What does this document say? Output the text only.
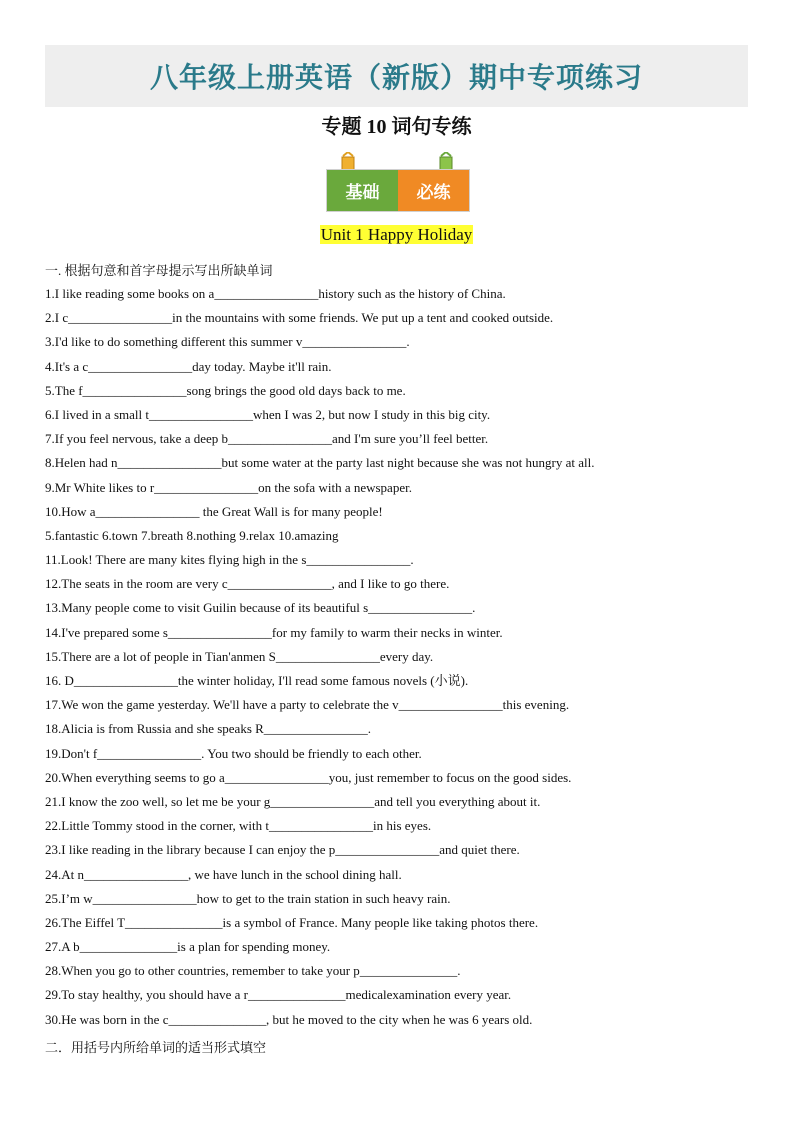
八年级上册英语（新版）期中专项练习
专题 10 词句专练
基础	必练
Unit 1 Happy Holiday
一. 根据句意和首字母提示写出所缺单词
1.I like reading some books on a________________history such as the history of China.
2.I c________________in the mountains with some friends. We put up a tent and cooked outside.
3.I'd like to do something different this summer v________________.
4.It's a c________________day today. Maybe it'll rain.
5.The f________________song brings the good old days back to me.
6.I lived in a small t________________when I was 2, but now I study in this big city.
7.If you feel nervous, take a deep b________________and I'm sure you’ll feel better.
8.Helen had n________________but some water at the party last night because she was not hungry at all.
9.Mr White likes to r________________on the sofa with a newspaper.
10.How a________________ the Great Wall is for many people!
5.fantastic 6.town 7.breath 8.nothing 9.relax 10.amazing
11.Look! There are many kites flying high in the s________________.
12.The seats in the room are very c________________, and I like to go there.
13.Many people come to visit Guilin because of its beautiful s________________.
14.I've prepared some s________________for my family to warm their necks in winter.
15.There are a lot of people in Tian'anmen S________________every day.
16. D________________the winter holiday, I'll read some famous novels (小说).
17.We won the game yesterday. We'll have a party to celebrate the v________________this evening.
18.Alicia is from Russia and she speaks R________________.
19.Don't f________________. You two should be friendly to each other.
20.When everything seems to go a________________you, just remember to focus on the good sides.
21.I know the zoo well, so let me be your g________________and tell you everything about it.
22.Little Tommy stood in the corner, with t________________in his eyes.
23.I like reading in the library because I can enjoy the p________________and quiet there.
24.At n________________, we have lunch in the school dining hall.
25.I’m w________________how to get to the train station in such heavy rain.
26.The Eiffel T_______________is a symbol of France. Many people like taking photos there.
27.A b_______________is a plan for spending money.
28.When you go to other countries, remember to take your p_______________.
29.To stay healthy, you should have a r_______________medicalexamination every year.
30.He was born in the c_______________, but he moved to the city when he was 6 years old.
二．用括号内所给单词的适当形式填空
